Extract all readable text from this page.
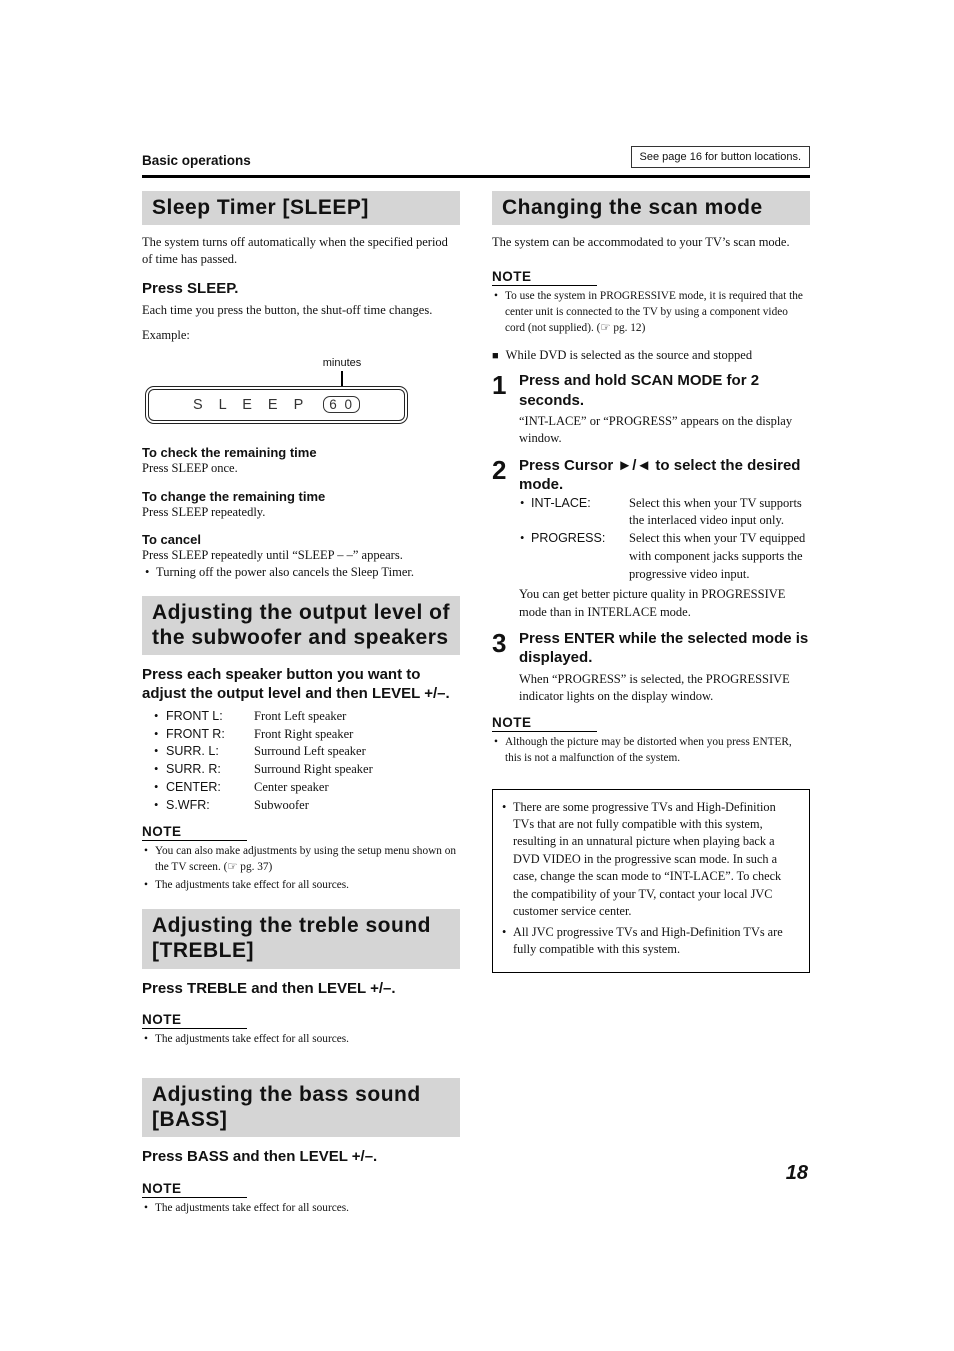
Basic operations	See page 16 for button locations.
Sleep Timer [SLEEP]

The system turns off automatically when the specified period of time has passed.

Press SLEEP.

Each time you press the button, the shut-off time changes.

Example:

minutes
S L E E P	6 0
To check the remaining time
Press SLEEP once.
To change the remaining time
Press SLEEP repeatedly.
To cancel
Press SLEEP repeatedly until “SLEEP – –” appears.
• Turning off the power also cancels the Sleep Timer.
Adjusting the output level of the subwoofer and speakers
Press each speaker button you want to adjust the output level and then LEVEL +/–.
• FRONT L:	Front Left speaker
• FRONT R:	Front Right speaker
• SURR. L:	Surround Left speaker
• SURR. R:	Surround Right speaker
• CENTER:	Center speaker
• S.WFR:	Subwoofer
NOTE
• You can also make adjustments by using the setup menu shown on the TV screen. (☞ pg. 37)
• The adjustments take effect for all sources.
Adjusting the treble sound [TREBLE]
Press TREBLE and then LEVEL +/–.
NOTE
• The adjustments take effect for all sources.
Adjusting the bass sound [BASS]
Press BASS and then LEVEL +/–.
NOTE
• The adjustments take effect for all sources.
Changing the scan mode

The system can be accommodated to your TV’s scan mode.

NOTE
• To use the system in PROGRESSIVE mode, it is required that the center unit is connected to the TV by using a component video cord (not supplied). (☞ pg. 12)
■ While DVD is selected as the source and stopped
1 Press and hold SCAN MODE for 2 seconds.
“INT-LACE” or “PROGRESS” appears on the display window.
2 Press Cursor ►/◄ to select the desired mode.
• INT-LACE:	Select this when your TV supports the interlaced video input only.
• PROGRESS:	Select this when your TV equipped with component jacks supports the progressive video input.
You can get better picture quality in PROGRESSIVE mode than in INTERLACE mode.
3 Press ENTER while the selected mode is displayed.
When “PROGRESS” is selected, the PROGRESSIVE indicator lights on the display window.
NOTE
• Although the picture may be distorted when you press ENTER, this is not a malfunction of the system.
• There are some progressive TVs and High-Definition TVs that are not fully compatible with this system, resulting in an unnatural picture when playing back a DVD VIDEO in the progressive scan mode. In such a case, change the scan mode to “INT-LACE”. To check the compatibility of your TV, contact your local JVC customer service center.
• All JVC progressive TVs and High-Definition TVs are fully compatible with this system.
18
